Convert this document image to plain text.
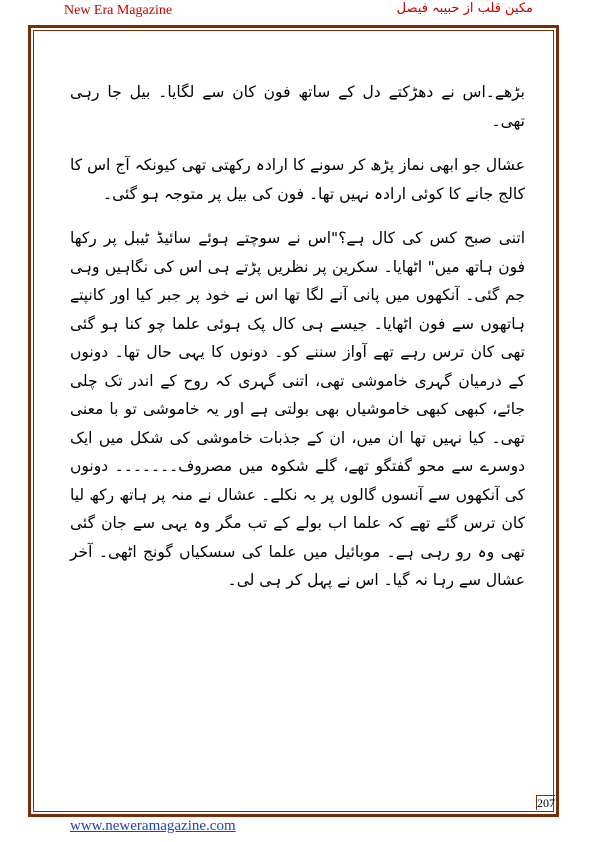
New Era Magazine	مکین قلب از حبیبہ فیصل

بڑھے۔اس نے دھڑکتے دل کے ساتھ فون کان سے لگایا۔ بیل جا رہی تھی۔

عشال جو ابھی نماز پڑھ کر سونے کا ارادہ رکھتی تھی کیونکہ آج اس کا کالج جانے کا کوئی ارادہ نہیں تھا۔ فون کی بیل پر متوجہ ہو گئی۔

اتنی صبح کس کی کال ہے؟"اس نے سوچتے ہوئے سائیڈ ٹیبل پر رکھا فون ہاتھ میں" اٹھایا۔ سکرین پر نظریں پڑتے ہی اس کی نگاہیں وہی جم گئی۔ آنکھوں میں پانی آنے لگا تھا اس نے خود پر جبر کیا اور کانپتے ہاتھوں سے فون اٹھایا۔ جیسے ہی کال پک ہوئی علما چو کنا ہو گئی تھی کان ترس رہے تھے آواز سننے کو۔ دونوں کا یہی حال تھا۔ دونوں کے درمیان گہری خاموشی تھی، اتنی گہری کہ روح کے اندر تک چلی جائے، کبھی کبھی خاموشیاں بھی بولتی ہے اور یہ خاموشی تو با معنی تھی۔ کیا نہیں تھا ان میں، ان کے جذبات خاموشی کی شکل میں ایک دوسرے سے محو گفتگو تھے، گلے شکوہ میں مصروف۔۔۔۔۔۔۔ دونوں کی آنکھوں سے آنسوں گالوں پر بہ نکلے۔ عشال نے منہ پر ہاتھ رکھ لیا کان ترس گئے تھے کہ علما اب بولے کے تب مگر وہ یہی سے جان گئی تھی وہ رو رہی ہے۔ موبائیل میں علما کی سسکیاں گونج اٹھی۔ آخر عشال سے رہا نہ گیا۔ اس نے پہل کر ہی لی۔

207
www.neweramagazine.com
